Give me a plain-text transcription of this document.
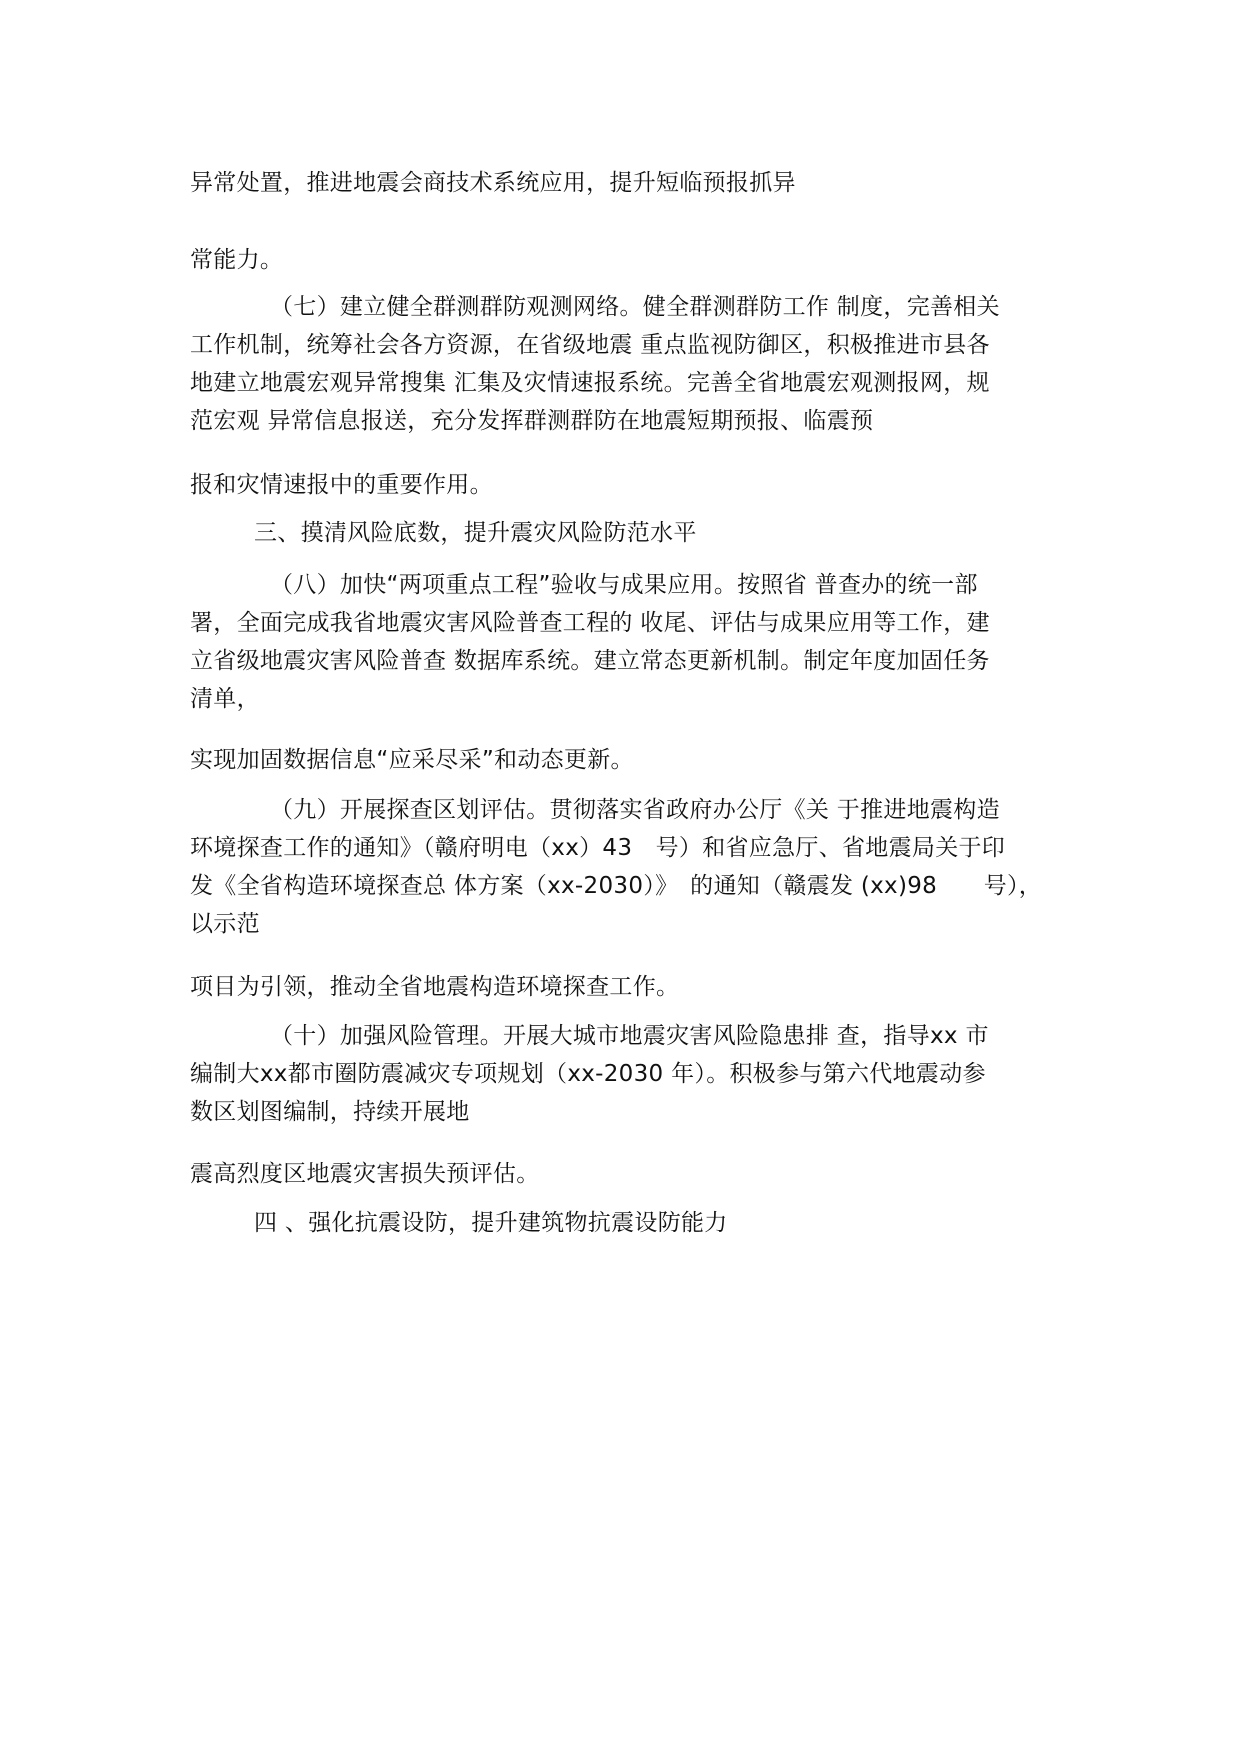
异常处置，推进地震会商技术系统应用，提升短临预报抓异
常能力。
（七）建立健全群测群防观测网络。健全群测群防工作 制度，完善相关
工作机制，统筹社会各方资源，在省级地震 重点监视防御区，积极推进市县各
地建立地震宏观异常搜集 汇集及灾情速报系统。完善全省地震宏观测报网，规
范宏观 异常信息报送，充分发挥群测群防在地震短期预报、临震预
报和灾情速报中的重要作用。
三、摸清风险底数，提升震灾风险防范水平
（八）加快“两项重点工程”验收与成果应用。按照省 普查办的统一部
署，全面完成我省地震灾害风险普查工程的 收尾、评估与成果应用等工作，建
立省级地震灾害风险普查 数据库系统。建立常态更新机制。制定年度加固任务
清单，
实现加固数据信息“应采尽采”和动态更新。
（九）开展探查区划评估。贯彻落实省政府办公厅《关 于推进地震构造
环境探查工作的通知》（赣府明电（xx）43　号）和省应急厅、省地震局关于印
发《全省构造环境探查总 体方案（xx-2030）》　的通知（赣震发 (xx)98　　号），
以示范
项目为引领，推动全省地震构造环境探查工作。
（十）加强风险管理。开展大城市地震灾害风险隐患排 查，指导xx 市
编制大xx都市圈防震减灾专项规划（xx-2030 年）。积极参与第六代地震动参
数区划图编制，持续开展地
震高烈度区地震灾害损失预评估。
四 、强化抗震设防，提升建筑物抗震设防能力
